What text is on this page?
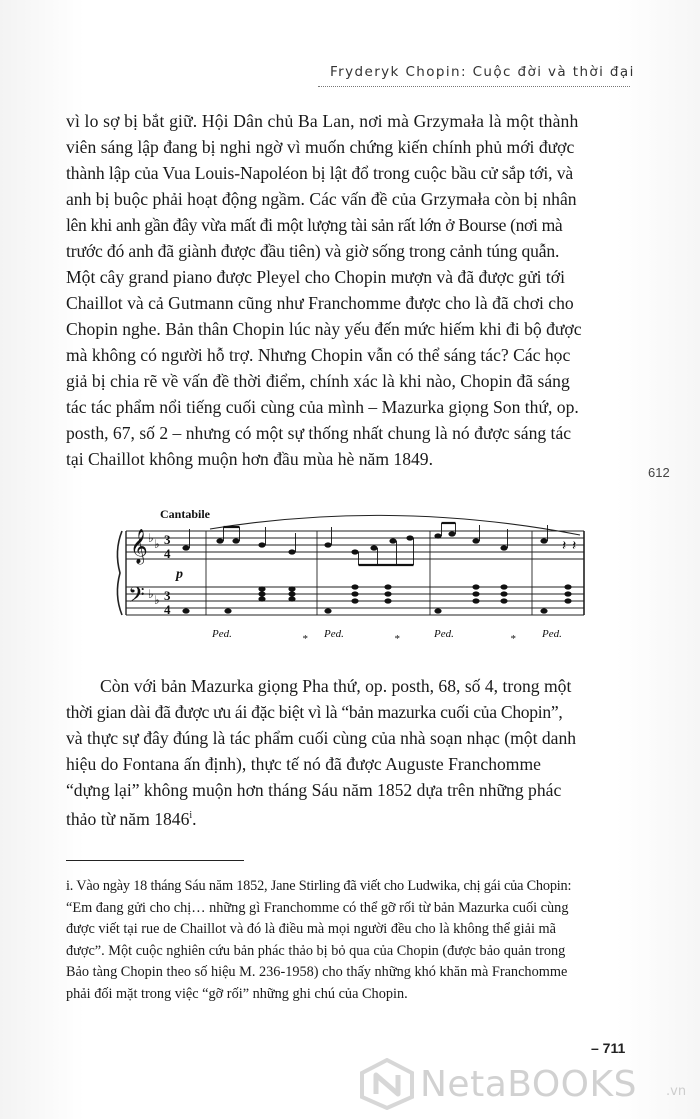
Fryderyk Chopin: Cuộc đời và thời đại

vì lo sợ bị bắt giữ. Hội Dân chủ Ba Lan, nơi mà Grzymała là một thành
viên sáng lập đang bị nghi ngờ vì muốn chứng kiến chính phủ mới được
thành lập của Vua Louis-Napoléon bị lật đổ trong cuộc bầu cử sắp tới, và
anh bị buộc phải hoạt động ngầm. Các vấn đề của Grzymała còn bị nhân
lên khi anh gần đây vừa mất đi một lượng tài sản rất lớn ở Bourse (nơi mà
trước đó anh đã giành được đầu tiên) và giờ sống trong cảnh túng quẫn.
Một cây grand piano được Pleyel cho Chopin mượn và đã được gửi tới
Chaillot và cả Gutmann cũng như Franchomme được cho là đã chơi cho
Chopin nghe. Bản thân Chopin lúc này yếu đến mức hiếm khi đi bộ được
mà không có người hỗ trợ. Nhưng Chopin vẫn có thể sáng tác? Các học
giả bị chia rẽ về vấn đề thời điểm, chính xác là khi nào, Chopin đã sáng
tác tác phẩm nổi tiếng cuối cùng của mình – Mazurka giọng Son thứ, op.
posth, 67, số 2 – nhưng có một sự thống nhất chung là nó được sáng tác
tại Chaillot không muộn hơn đầu mùa hè năm 1849.

612
Cantabile
𝄞
𝄢
♭ ♭
♭ ♭
3
4
3
4
p
𝄽 𝄽
Ped.	* Ped.	*	Ped.	* Ped.

Còn với bản Mazurka giọng Pha thứ, op. posth, 68, số 4, trong một
thời gian dài đã được ưu ái đặc biệt vì là “bản mazurka cuối của Chopin”,
và thực sự đây đúng là tác phẩm cuối cùng của nhà soạn nhạc (một danh
hiệu do Fontana ấn định), thực tế nó đã được Auguste Franchomme
“dựng lại” không muộn hơn tháng Sáu năm 1852 dựa trên những phác
thảo từ năm 1846$^i$.

i. Vào ngày 18 tháng Sáu năm 1852, Jane Stirling đã viết cho Ludwika, chị gái của Chopin:
“Em đang gửi cho chị… những gì Franchomme có thể gỡ rối từ bản Mazurka cuối cùng
được viết tại rue de Chaillot và đó là điều mà mọi người đều cho là không thể giải mã
được”. Một cuộc nghiên cứu bản phác thảo bị bỏ qua của Chopin (được bảo quản trong
Bảo tàng Chopin theo số hiệu M. 236-1958) cho thấy những khó khăn mà Franchomme
phải đối mặt trong việc “gỡ rối” những ghi chú của Chopin.

– 711
NetaBOOKS .vn
